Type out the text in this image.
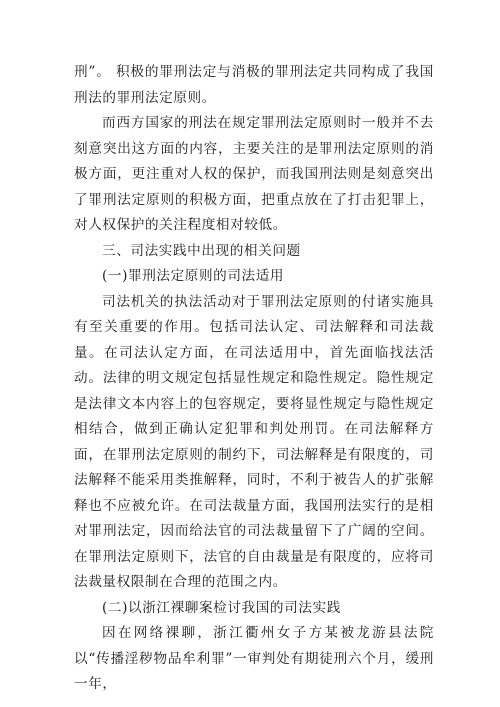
刑”。 积极的罪刑法定与消极的罪刑法定共同构成了我国刑法的罪刑法定原则。

而西方国家的刑法在规定罪刑法定原则时一般并不去刻意突出这方面的内容，主要关注的是罪刑法定原则的消极方面，更注重对人权的保护，而我国刑法则是刻意突出了罪刑法定原则的积极方面，把重点放在了打击犯罪上，对人权保护的关注程度相对较低。

三、司法实践中出现的相关问题

(一)罪刑法定原则的司法适用

司法机关的执法活动对于罪刑法定原则的付诸实施具有至关重要的作用。包括司法认定、司法解释和司法裁量。在司法认定方面，在司法适用中，首先面临找法活动。法律的明文规定包括显性规定和隐性规定。隐性规定是法律文本内容上的包容规定，要将显性规定与隐性规定相结合，做到正确认定犯罪和判处刑罚。在司法解释方面，在罪刑法定原则的制约下，司法解释是有限度的，司法解释不能采用类推解释，同时，不利于被告人的扩张解释也不应被允许。在司法裁量方面，我国刑法实行的是相对罪刑法定，因而给法官的司法裁量留下了广阔的空间。在罪刑法定原则下，法官的自由裁量是有限度的，应将司法裁量权限制在合理的范围之内。

(二)以浙江裸聊案检讨我国的司法实践

因在网络裸聊，浙江衢州女子方某被龙游县法院以“传播淫秽物品牟利罪”一审判处有期徒刑六个月，缓刑一年，
